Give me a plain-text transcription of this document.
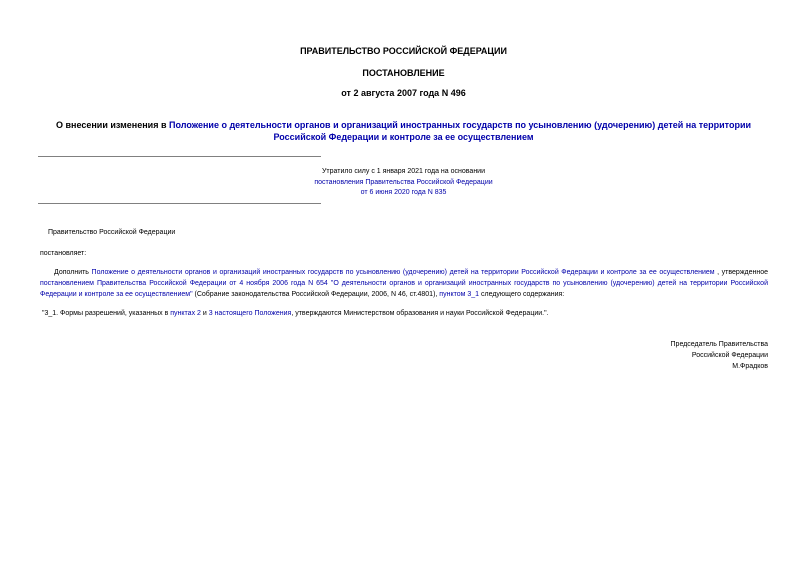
ПРАВИТЕЛЬСТВО РОССИЙСКОЙ ФЕДЕРАЦИИ
ПОСТАНОВЛЕНИЕ
от 2 августа 2007 года N 496
О внесении изменения в Положение о деятельности органов и организаций иностранных государств по усыновлению (удочерению) детей на территории Российской Федерации и контроле за ее осуществлением
Утратило силу с 1 января 2021 года на основании
постановления Правительства Российской Федерации
от 6 июня 2020 года N 835
Правительство Российской Федерации
постановляет:
Дополнить Положение о деятельности органов и организаций иностранных государств по усыновлению (удочерению) детей на территории Российской Федерации и контроле за ее осуществлением , утвержденное постановлением Правительства Российской Федерации от 4 ноября 2006 года N 654 "О деятельности органов и организаций иностранных государств по усыновлению (удочерению) детей на территории Российской Федерации и контроле за ее осуществлением" (Собрание законодательства Российской Федерации, 2006, N 46, ст.4801), пунктом 3_1 следующего содержания:
"3_1. Формы разрешений, указанных в пунктах 2 и 3 настоящего Положения, утверждаются Министерством образования и науки Российской Федерации.".
Председатель Правительства
Российской Федерации
М.Фрадков
